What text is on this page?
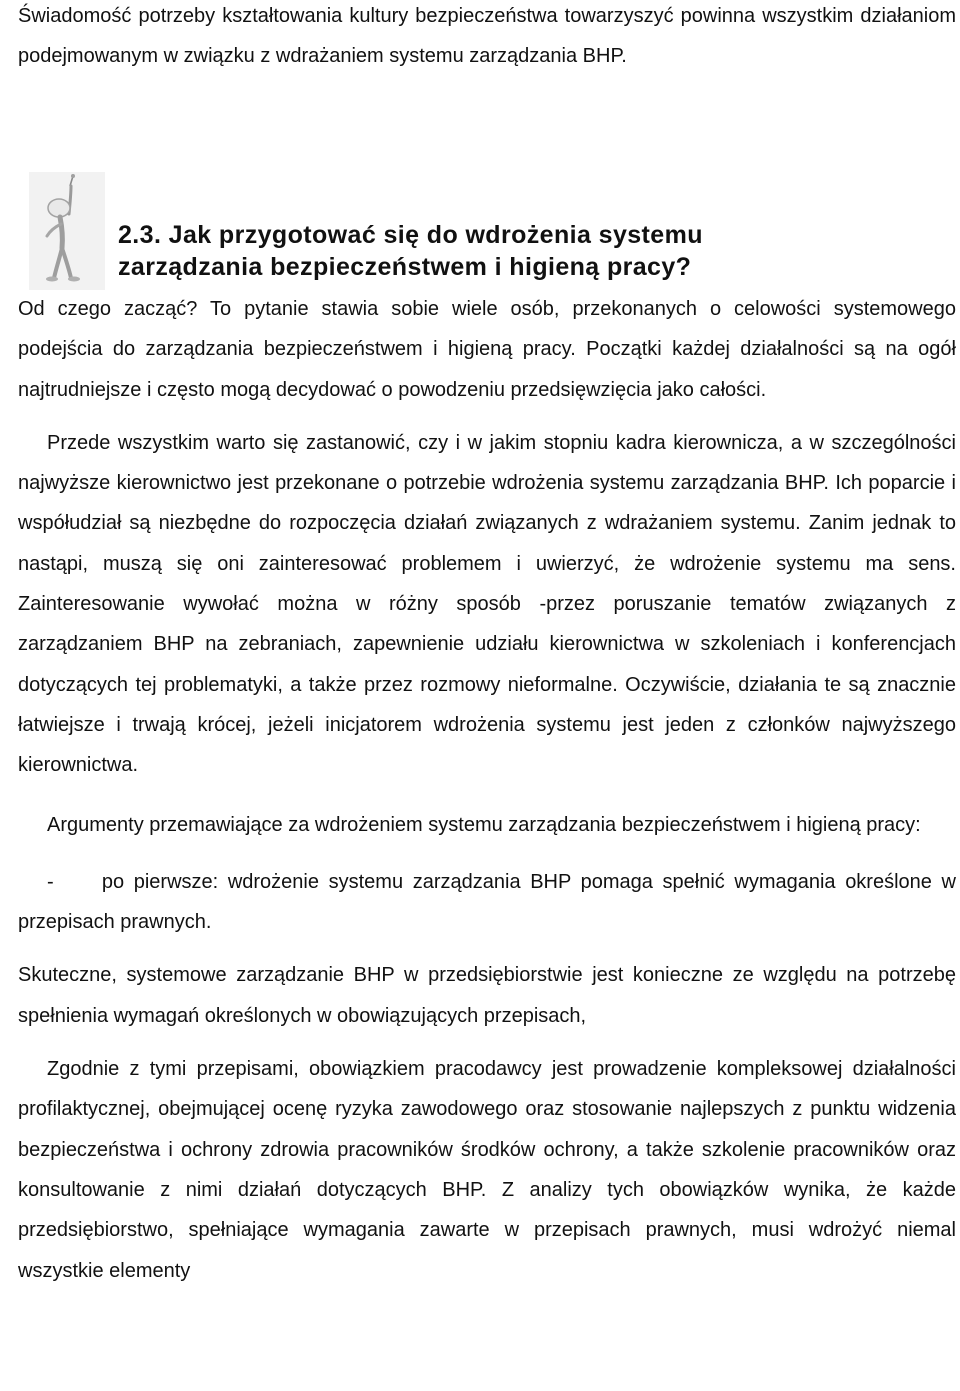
Świadomość potrzeby kształtowania kultury bezpieczeństwa towarzyszyć powinna wszystkim działaniom podejmowanym w związku z wdrażaniem systemu zarządzania BHP.

2.3. Jak przygotować się do wdrożenia systemu zarządzania bezpieczeństwem i higieną pracy?

Od czego zacząć? To pytanie stawia sobie wiele osób, przekonanych o celowości systemowego podejścia do zarządzania bezpieczeństwem i higieną pracy. Początki każdej działalności są na ogół najtrudniejsze i często mogą decydować o powodzeniu przedsięwzięcia jako całości.

Przede wszystkim warto się zastanowić, czy i w jakim stopniu kadra kierownicza, a w szczególności najwyższe kierownictwo jest przekonane o potrzebie wdrożenia systemu zarządzania BHP. Ich poparcie i współudział są niezbędne do rozpoczęcia działań związanych z wdrażaniem systemu. Zanim jednak to nastąpi, muszą się oni zainteresować problemem i uwierzyć, że wdrożenie systemu ma sens. Zainteresowanie wywołać można w różny sposób -przez poruszanie tematów związanych z zarządzaniem BHP na zebraniach, zapewnienie udziału kierownictwa w szkoleniach i konferencjach dotyczących tej problematyki, a także przez rozmowy nieformalne. Oczywiście, działania te są znacznie łatwiejsze i trwają krócej, jeżeli inicjatorem wdrożenia systemu jest jeden z członków najwyższego kierownictwa.

Argumenty przemawiające za wdrożeniem systemu zarządzania bezpieczeństwem i higieną pracy:

- po pierwsze: wdrożenie systemu zarządzania BHP pomaga spełnić wymagania określone w przepisach prawnych.

Skuteczne, systemowe zarządzanie BHP w przedsiębiorstwie jest konieczne ze względu na potrzebę spełnienia wymagań określonych w obowiązujących przepisach,

Zgodnie z tymi przepisami, obowiązkiem pracodawcy jest prowadzenie kompleksowej działalności profilaktycznej, obejmującej ocenę ryzyka zawodowego oraz stosowanie najlepszych z punktu widzenia bezpieczeństwa i ochrony zdrowia pracowników środków ochrony, a także szkolenie pracowników oraz konsultowanie z nimi działań dotyczących BHP. Z analizy tych obowiązków wynika, że każde przedsiębiorstwo, spełniające wymagania zawarte w przepisach prawnych, musi wdrożyć niemal wszystkie elementy
